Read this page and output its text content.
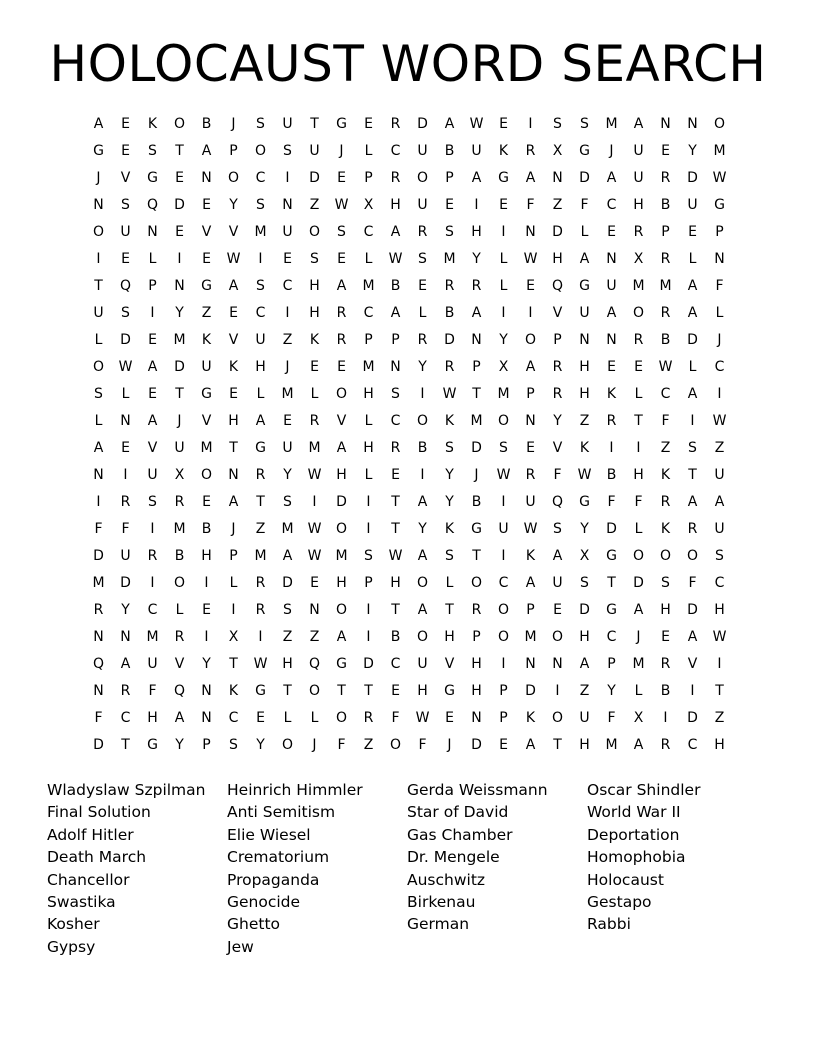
HOLOCAUST WORD SEARCH
A	E	K	O	B	J	S	U	T	G	E	R	D	A	W	E	I	S	S	M	A	N	N	O
G	E	S	T	A	P	O	S	U	J	L	C	U	B	U	K	R	X	G	J	U	E	Y	M
J	V	G	E	N	O	C	I	D	E	P	R	O	P	A	G	A	N	D	A	U	R	D	W
N	S	Q	D	E	Y	S	N	Z	W	X	H	U	E	I	E	F	Z	F	C	H	B	U	G
O	U	N	E	V	V	M	U	O	S	C	A	R	S	H	I	N	D	L	E	R	P	E	P
I	E	L	I	E	W	I	E	S	E	L	W	S	M	Y	L	W	H	A	N	X	R	L	N
T	Q	P	N	G	A	S	C	H	A	M	B	E	R	R	L	E	Q	G	U	M	M	A	F
U	S	I	Y	Z	E	C	I	H	R	C	A	L	B	A	I	I	V	U	A	O	R	A	L
L	D	E	M	K	V	U	Z	K	R	P	P	R	D	N	Y	O	P	N	N	R	B	D	J
O	W	A	D	U	K	H	J	E	E	M	N	Y	R	P	X	A	R	H	E	E	W	L	C
S	L	E	T	G	E	L	M	L	O	H	S	I	W	T	M	P	R	H	K	L	C	A	I
L	N	A	J	V	H	A	E	R	V	L	C	O	K	M	O	N	Y	Z	R	T	F	I	W
A	E	V	U	M	T	G	U	M	A	H	R	B	S	D	S	E	V	K	I	I	Z	S	Z
N	I	U	X	O	N	R	Y	W	H	L	E	I	Y	J	W	R	F	W	B	H	K	T	U
I	R	S	R	E	A	T	S	I	D	I	T	A	Y	B	I	U	Q	G	F	F	R	A	A
F	F	I	M	B	J	Z	M	W	O	I	T	Y	K	G	U	W	S	Y	D	L	K	R	U
D	U	R	B	H	P	M	A	W	M	S	W	A	S	T	I	K	A	X	G	O	O	O	S
M	D	I	O	I	L	R	D	E	H	P	H	O	L	O	C	A	U	S	T	D	S	F	C
R	Y	C	L	E	I	R	S	N	O	I	T	A	T	R	O	P	E	D	G	A	H	D	H
N	N	M	R	I	X	I	Z	Z	A	I	B	O	H	P	O	M	O	H	C	J	E	A	W
Q	A	U	V	Y	T	W	H	Q	G	D	C	U	V	H	I	N	N	A	P	M	R	V	I
N	R	F	Q	N	K	G	T	O	T	T	E	H	G	H	P	D	I	Z	Y	L	B	I	T
F	C	H	A	N	C	E	L	L	O	R	F	W	E	N	P	K	O	U	F	X	I	D	Z
D	T	G	Y	P	S	Y	O	J	F	Z	O	F	J	D	E	A	T	H	M	A	R	C	H
Wladyslaw Szpilman
Final Solution
Adolf Hitler
Death March
Chancellor
Swastika
Kosher
Gypsy
Heinrich Himmler
Anti Semitism
Elie Wiesel
Crematorium
Propaganda
Genocide
Ghetto
Jew
Gerda Weissmann
Star of David
Gas Chamber
Dr. Mengele
Auschwitz
Birkenau
German
Oscar Shindler
World War II
Deportation
Homophobia
Holocaust
Gestapo
Rabbi
